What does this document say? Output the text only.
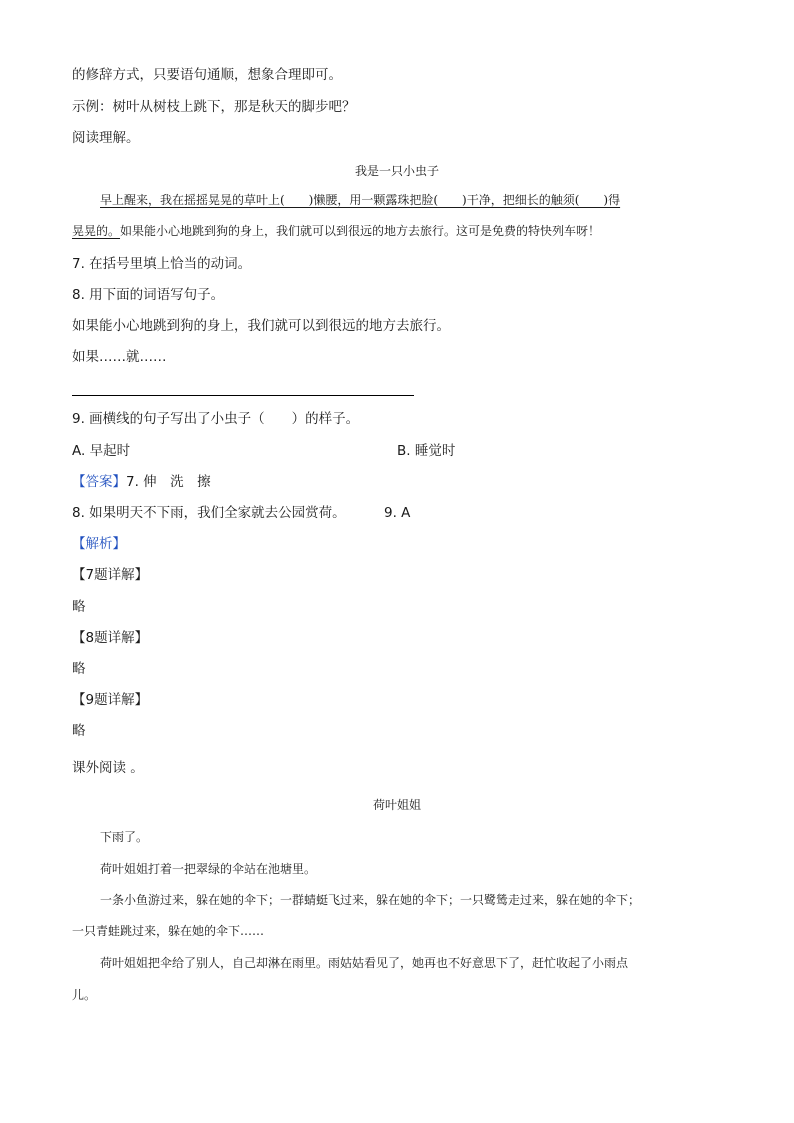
的修辞方式，只要语句通顺，想象合理即可。
示例：树叶从树枝上跳下，那是秋天的脚步吧？
阅读理解。
我是一只小虫子
早上醒来，我在摇摇晃晃的草叶上(　　)懒腰，用一颗露珠把脸(　　)干净，把细长的触须(　　)得
晃晃的。如果能小心地跳到狗的身上，我们就可以到很远的地方去旅行。这可是免费的特快列车呀！
7. 在括号里填上恰当的动词。
8. 用下面的词语写句子。
如果能小心地跳到狗的身上，我们就可以到很远的地方去旅行。
如果……就……
9. 画横线的句子写出了小虫子（　　）的样子。
A. 早起时	B. 睡觉时
【答案】7. 伸　洗　擦
8. 如果明天不下雨，我们全家就去公园赏荷。	9. A
【解析】
【7题详解】
略
【8题详解】
略
【9题详解】
略
课外阅读 。
荷叶姐姐
下雨了。
荷叶姐姐打着一把翠绿的伞站在池塘里。
一条小鱼游过来，躲在她的伞下；一群蜻蜓飞过来，躲在她的伞下；一只鹭鸶走过来，躲在她的伞下；
一只青蛙跳过来，躲在她的伞下……
荷叶姐姐把伞给了别人，自己却淋在雨里。雨姑姑看见了，她再也不好意思下了，赶忙收起了小雨点
儿。
